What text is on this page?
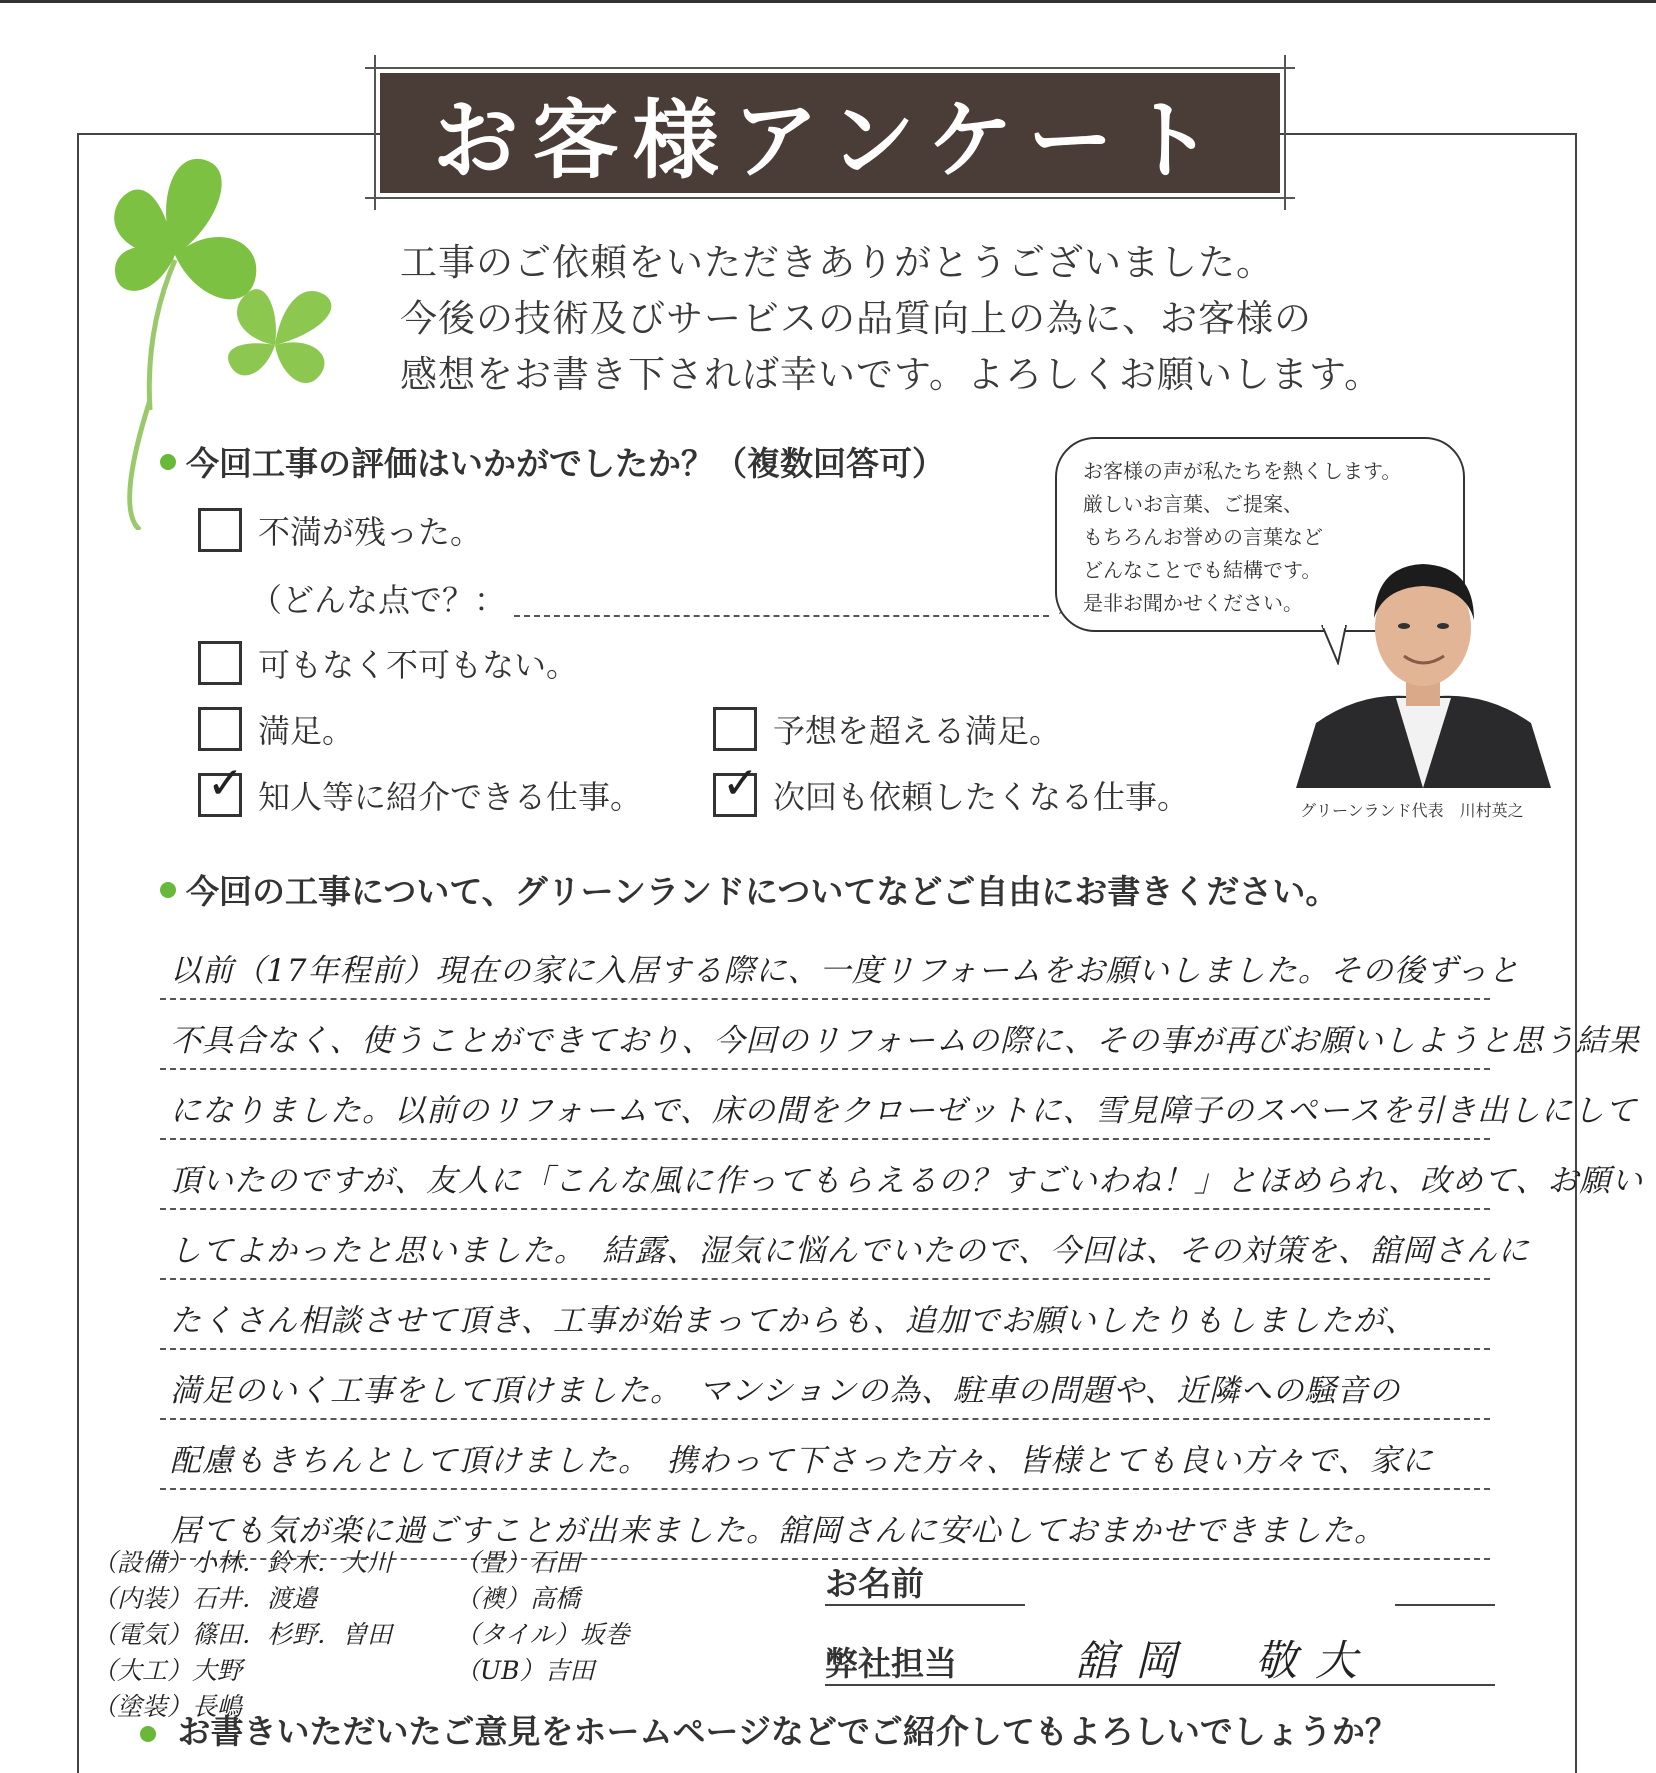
お客様アンケート

工事のご依頼をいただきありがとうございました。

今後の技術及びサービスの品質向上の為に、お客様の

感想をお書き下されば幸いです。よろしくお願いします。

今回工事の評価はいかがでしたか？（複数回答可）
不満が残った。
（どんな点で？：
可もなく不可もない。
満足。	予想を超える満足。
✓ 知人等に紹介できる仕事。 ✓ 次回も依頼したくなる仕事。

お客様の声が私たちを熱くします。

厳しいお言葉、ご提案、

もちろんお誉めの言葉など

どんなことでも結構です。

是非お聞かせください。

グリーンランド代表　川村英之
今回の工事について、グリーンランドについてなどご自由にお書きください。
以前（17年程前）現在の家に入居する際に、一度リフォームをお願いしました。その後ずっと
不具合なく、使うことができており、今回のリフォームの際に、その事が再びお願いしようと思う結果
になりました。以前のリフォームで、床の間をクローゼットに、雪見障子のスペースを引き出しにして
頂いたのですが、友人に「こんな風に作ってもらえるの？すごいわね！」とほめられ、改めて、お願い
してよかったと思いました。　結露、湿気に悩んでいたので、今回は、その対策を、舘岡さんに
たくさん相談させて頂き、工事が始まってからも、追加でお願いしたりもしましたが、
満足のいく工事をして頂けました。　マンションの為、駐車の問題や、近隣への騒音の
配慮もきちんとして頂けました。　携わって下さった方々、皆様とても良い方々で、家に
居ても気が楽に過ごすことが出来ました。舘岡さんに安心しておまかせできました。
（設備）小林．鈴木．大川
（内装）石井．渡邉
（電気）篠田．杉野．曽田
（大工）大野
（塗装）長嶋
（畳）石田
（襖）高橋
（タイル）坂巻
（UB）吉田
お名前
弊社担当	舘岡　敬大
お書きいただいたご意見をホームページなどでご紹介してもよろしいでしょうか？
